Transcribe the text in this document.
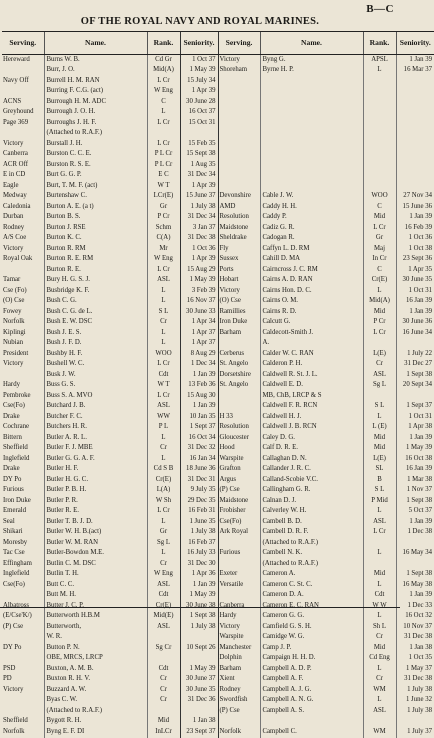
B—C
OF THE ROYAL NAVY AND ROYAL MARINES.
Serving.	Name.	Rank.	Seniority.	Serving.	Name.	Rank.	Seniority.
Hereward	Burns W. B.	Cd Gr	1 Oct 37	Victory	Byng G.	APSL	1 Jan 39
	Burr, J. O.	Mid(A)	1 May 39	Shoreham	Byrne H. P.	L	16 Mar 37
Navy Off	Burrell H. M. RAN	L Cr	15 July 34				
	Burring F. C.G. (act)	W Eng	1 Apr 39				
ACNS	Burrough H. M. ADC	C	30 June 28				
Greyhound	Burrough J. O. H.	L	16 Oct 37				
Page 369	Burroughs J. H. F.	L Cr	15 Oct 31				
	(Attached to R.A.F.)						
Victory	Burstall J. H.	L Cr	15 Feb 35				
Canberra	Burston C. C. E.	P L Cr	15 Sept 38				
ACR Off	Burston R. S. E.	P L Cr	1 Aug 35				
E in CD	Burt G. G. P.	E C	31 Dec 34				
Eagle	Burt, T. M. F. (act)	W T	1 Apr 39				
Medway	Burtenshaw C.	LCr(E)	15 June 37	Devonshire	Cable J. W.	WOO	27 Nov 34
Caledonia	Burton A. E. (a t)	Gr	1 July 38	AMD	Caddy H. H.	C	15 June 36
Durban	Burton B. S.	P Cr	31 Dec 34	Resolution	Caddy P.	Mid	1 Jan 39
Rodney	Burton J. RSE	Schm	3 Jan 37	Maidstone	Cadiz G. R.	L Cr	16 Feb 39
A/S Coe	Burton K. C.	C(A)	31 Dec 38	Sheldrake	Cadogan R.	Gr	1 Oct 36
Victory	Burton R. RM	Mr	1 Oct 36	Fly	Caffyn L. D. RM	Maj	1 Oct 38
Royal Oak	Burton R. E. RM	W Eng	1 Apr 39	Sussex	Cahill D. MA	In Cr	23 Sept 36
	Burton R. E.	L Cr	15 Aug 29	Ports	Cairncross J. C. RM	C	1 Apr 35
Tamar	Bury H. G. S. J.	ASL	1 May 39	Hobart	Cairns A. D. RAN	Cr(E)	30 June 35
Cse (Fo)	Busbridge K. F.	L	3 Feb 39	Victory	Cairns Hon. D. C.	L	1 Oct 31
(O) Cse	Bush C. G.	L	16 Nov 37	(O) Cse	Cairns O. M.	Mid(A)	16 Jan 39
Fowey	Bush C. G. de L.	S L	30 June 33	Ramillies	Cairns R. D.	Mid	1 Jan 39
Norfolk	Bush E. W. DSC	Cr	1 Apr 34	Iron Duke	Calcutt G.	P Cr	30 June 36
Kiplingi	Bush J. E. S.	L	1 Apr 37	Barham	Caldecott-Smith J.	L Cr	16 June 34
Nubian	Bush J. F. D.	L	1 Apr 37		A.		
President	Bushby H. F.	WOO	8 Aug 29	Cerberus	Calder W. C. RAN	L(E)	1 July 22
Victory	Bushell W. C.	L Cr	1 Dec 34	St. Angelo	Calderon P. H.	Cr	31 Dec 27
	Busk J. W.	Cdt	1 Jan 39	Dorsetshire	Caldwell R. St. J. L.	ASL	1 Sept 38
Hardy	Buss G. S.	W T	13 Feb 36	St. Angelo	Caldwell E. D.	Sg L	20 Sept 34
Pembroke	Buss S. A. MVO	L Cr	15 Aug 30		MB, ChB, LRCP & S		
Cse(Fo)	Butchard J. B.	ASL	1 Jan 39		Caldwell F. R. RCN	S L	1 Sept 37
Drake	Butcher F. C.	WW	10 Jan 35	H 33	Caldwell H. J.	L	1 Oct 31
Cochrane	Butchers H. R.	P L	1 Sept 37	Resolution	Caldwell J. B. RCN	L (E)	1 Apr 38
Bittern	Butler A. R. L.	L	16 Oct 34	Gloucester	Caley D. G.	Mid	1 Jan 39
Sheffield	Butler F. J. MBE	Cr	31 Dec 32	Hood	Calf D. R. E.	Mid	1 May 39
Inglefield	Butler G. G. A. F.	L	16 Jan 34	Warspite	Callaghan D. N.	L(E)	16 Oct 38
Drake	Butler H. F.	Cd S B	18 June 36	Grafton	Callander J. R. C.	SL	16 Jan 39
DY Po	Butler H. G. C.	Cr(E)	31 Dec 31	Argus	Calland-Scobie V.C.	B	1 Mar 38
Furious	Butler P. B. H.	L(A)	9 July 35	(P) Cse	Callingham G. R.	S L	1 Nov 37
Iron Duke	Butler P. R.	W Sh	29 Dec 35	Maidstone	Calnan D. J.	P Mid	1 Sept 38
Emerald	Butler R. E.	L Cr	16 Feb 31	Frobisher	Calverley W. H.	L	5 Oct 37
Seal	Butler T. B. J. D.	L	1 June 35	Cse(Fo)	Cambell B. D.	ASL	1 Jan 39
Shikari	Butler W. H. B.(act)	Gr	1 July 38	Ark Royal	Cambell D. R. F.	L Cr	1 Dec 38
Moresby	Butler W. M. RAN	Sg L	16 Feb 37		(Attached to R.A.F.)		
Tac Cse	Butler-Bowdon M.E.	L	16 July 33	Furious	Cambell N. K.	L	16 May 34
Effingham	Butlin C. M. DSC	Cr	31 Dec 30		(Attached to R.A.F.)		
Inglefield	Butlin T. H.	W Eng	1 Apr 36	Exeter	Cameron A.	Mid	1 Sept 38
Cse(Fo)	Butt C. C.	ASL	1 Jan 39	Versatile	Cameron C. St. C.	L	16 May 38
	Butt M. H.	Cdt	1 May 39		Cameron D. A.	Cdt	1 Jan 39
Albatross	Butter J. C. P.	Cr(E)	30 June 38	Canberra	Cameron E. C. RAN	W W	1 Dec 33
(E/Cse'K/)	Butterworth H.B.M	Mid(E)	1 Sept 38	Hardy	Cameron G. G.	L	16 Oct 32
(P) Cse	Butterworth,	ASL	1 July 38	Victory	Camfield G. S. H.	Sh L	10 Nov 37
	W. R.			Warspite	Camidge W. G.	Cr	31 Dec 38
DY Po	Button P. N.	Sg Cr	10 Sept 26	Manchester	Camp J. P.	Mid	1 Jan 38
	OBE, MRCS, LRCP			Dolphin	Campaign H. H. D.	Cd Eng	1 Oct 35
PSD	Buxton, A. M. B.	Cdt	1 May 39	Barham	Campbell A. D. P.	L	1 May 37
PD	Buxton R. H. V.	Cr	30 June 37	Xient	Campbell A. F.	Cr	31 Dec 38
Victory	Buzzard A. W.	Cr	30 June 35	Rodney	Campbell A. J. G.	WM	1 July 38
	Byas C. W.	Cr	31 Dec 36	Swordfish	Campbell A. N. G.	L	1 June 32
	(Attached to R.A.F.)			(P) Cse	Campbell A. S.	ASL	1 July 38
Sheffield	Bygott R. H.	Mid	1 Jan 38				
Norfolk	Byng E. F. DI	InLCr	23 Sept 37	Norfolk	Campbell C.	WM	1 July 37
